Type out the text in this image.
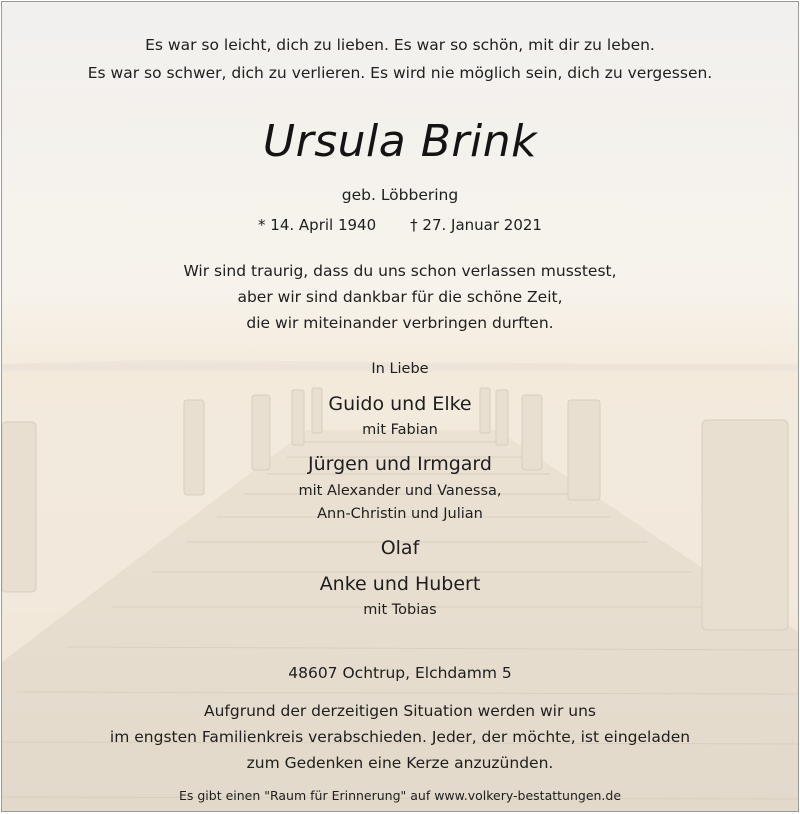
Es war so leicht, dich zu lieben. Es war so schön, mit dir zu leben.
Es war so schwer, dich zu verlieren. Es wird nie möglich sein, dich zu vergessen.
Ursula Brink
geb. Löbbering
* 14. April 1940 † 27. Januar 2021
Wir sind traurig, dass du uns schon verlassen musstest,
aber wir sind dankbar für die schöne Zeit,
die wir miteinander verbringen durften.
In Liebe
Guido und Elke
mit Fabian
Jürgen und Irmgard
mit Alexander und Vanessa,
Ann-Christin und Julian
Olaf
Anke und Hubert
mit Tobias
48607 Ochtrup, Elchdamm 5
Aufgrund der derzeitigen Situation werden wir uns
im engsten Familienkreis verabschieden. Jeder, der möchte, ist eingeladen
zum Gedenken eine Kerze anzuzünden.
Es gibt einen "Raum für Erinnerung" auf www.volkery-bestattungen.de
